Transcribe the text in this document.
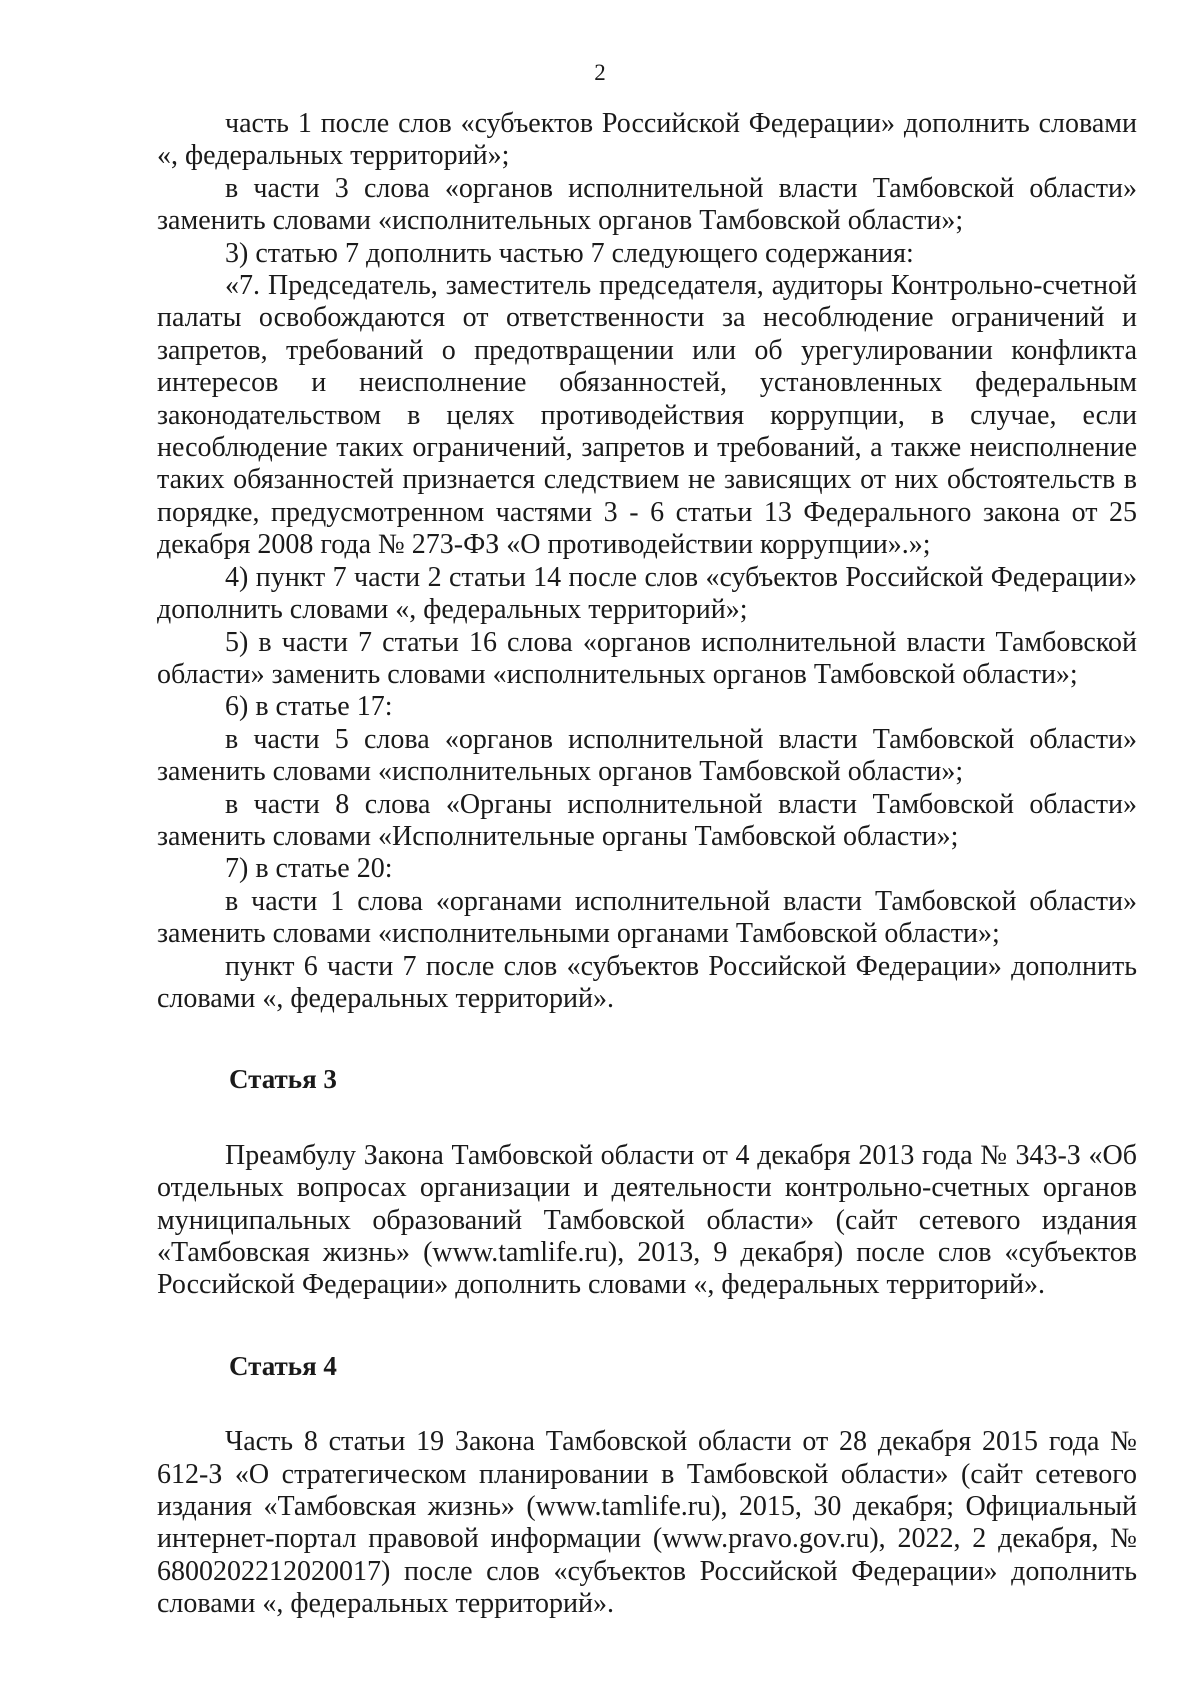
2

часть 1 после слов «субъектов Российской Федерации» дополнить словами «, федеральных территорий»;

в части 3 слова «органов исполнительной власти Тамбовской области» заменить словами «исполнительных органов Тамбовской области»;

3) статью 7 дополнить частью 7 следующего содержания:

«7. Председатель, заместитель председателя, аудиторы Контрольно-счетной палаты освобождаются от ответственности за несоблюдение ограничений и запретов, требований о предотвращении или об урегулировании конфликта интересов и неисполнение обязанностей, установленных федеральным законодательством в целях противодействия коррупции, в случае, если несоблюдение таких ограничений, запретов и требований, а также неисполнение таких обязанностей признается следствием не зависящих от них обстоятельств в порядке, предусмотренном частями 3 - 6 статьи 13 Федерального закона от 25 декабря 2008 года № 273-ФЗ «О противодействии коррупции».»;

4) пункт 7 части 2 статьи 14 после слов «субъектов Российской Федерации» дополнить словами «, федеральных территорий»;

5) в части 7 статьи 16 слова «органов исполнительной власти Тамбовской области» заменить словами «исполнительных органов Тамбовской области»;

6) в статье 17:

в части 5 слова «органов исполнительной власти Тамбовской области» заменить словами «исполнительных органов Тамбовской области»;

в части 8 слова «Органы исполнительной власти Тамбовской области» заменить словами «Исполнительные органы Тамбовской области»;

7) в статье 20:

в части 1 слова «органами исполнительной власти Тамбовской области» заменить словами «исполнительными органами Тамбовской области»;

пункт 6 части 7 после слов «субъектов Российской Федерации» дополнить словами «, федеральных территорий».

Статья 3

Преамбулу Закона Тамбовской области от 4 декабря 2013 года № 343-З «Об отдельных вопросах организации и деятельности контрольно-счетных органов муниципальных образований Тамбовской области» (сайт сетевого издания «Тамбовская жизнь» (www.tamlife.ru), 2013, 9 декабря) после слов «субъектов Российской Федерации» дополнить словами «, федеральных территорий».

Статья 4

Часть 8 статьи 19 Закона Тамбовской области от 28 декабря 2015 года № 612-З «О стратегическом планировании в Тамбовской области» (сайт сетевого издания «Тамбовская жизнь» (www.tamlife.ru), 2015, 30 декабря; Официальный интернет-портал правовой информации (www.pravo.gov.ru), 2022, 2 декабря, № 6800202212020017) после слов «субъектов Российской Федерации» дополнить словами «, федеральных территорий».
